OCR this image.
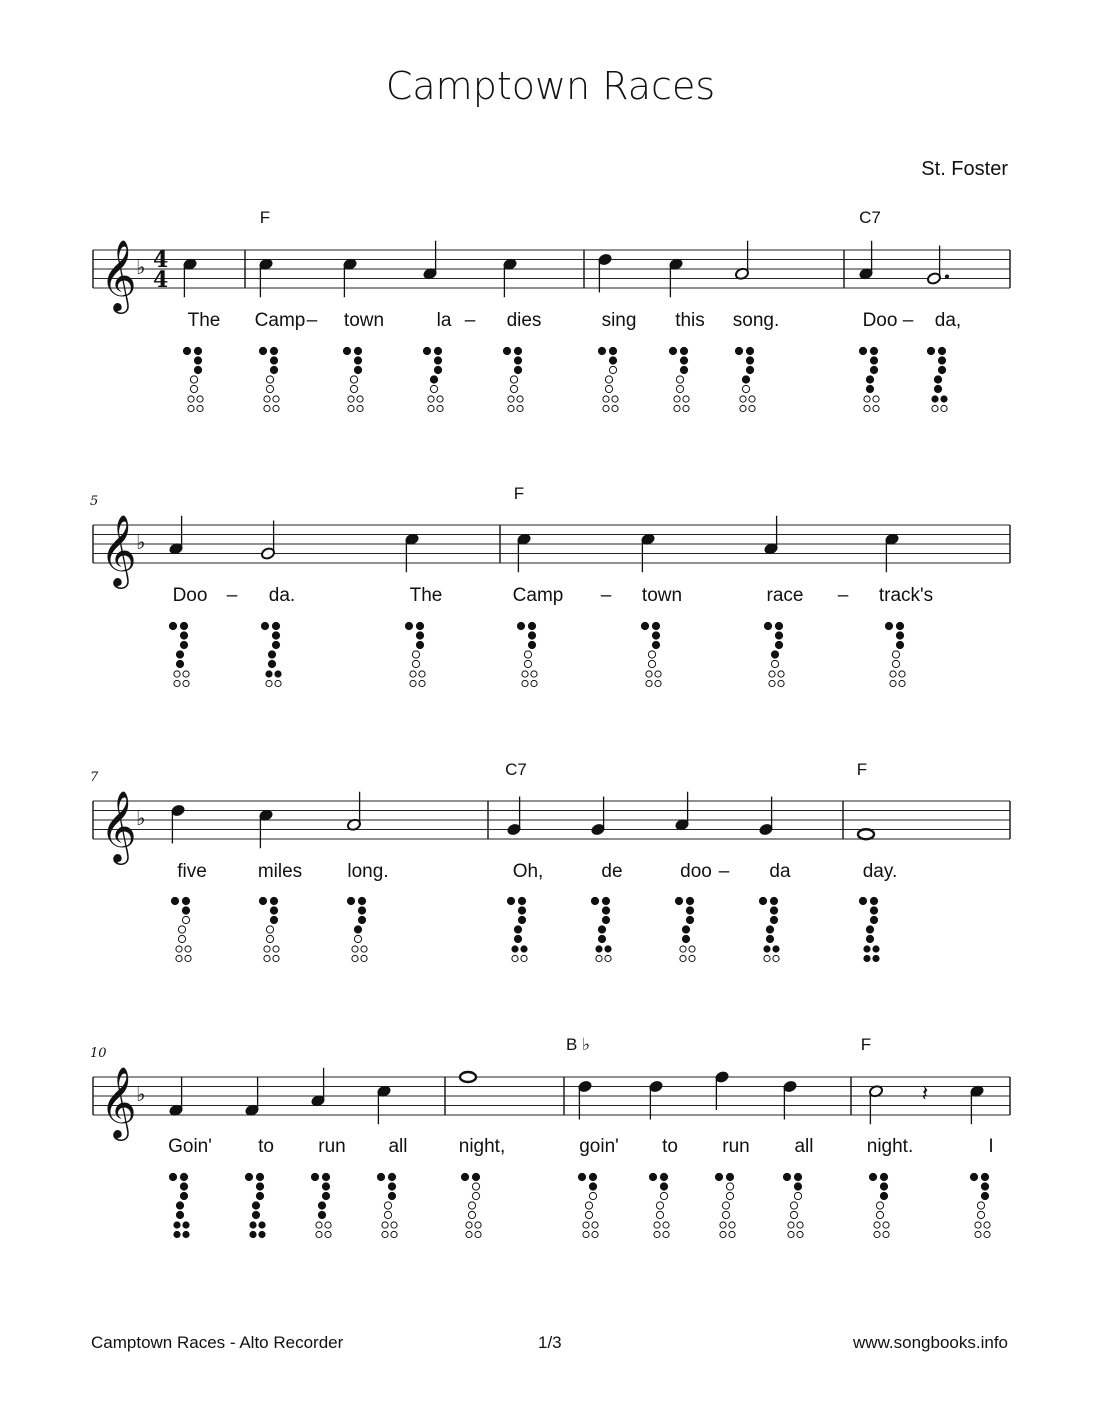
Camptown Races
St. Foster
𝄞 ♭ 4
4
F	C7
The Camp town	la	dies	sing this song.	Doo da,
–	–	–
𝄞 ♭
5	F
Doo	da.	The	Camp	town	race	track's
–	–	–
𝄞 ♭
7	C7	F
five	miles long.	Oh,	de	doo	da	day.
–
𝄞 ♭
10	B ♭	F
Goin' to run all	night,	goin' to run all	night.
𝄽
I
Camptown Races - Alto Recorder	1/3	www.songbooks.info
